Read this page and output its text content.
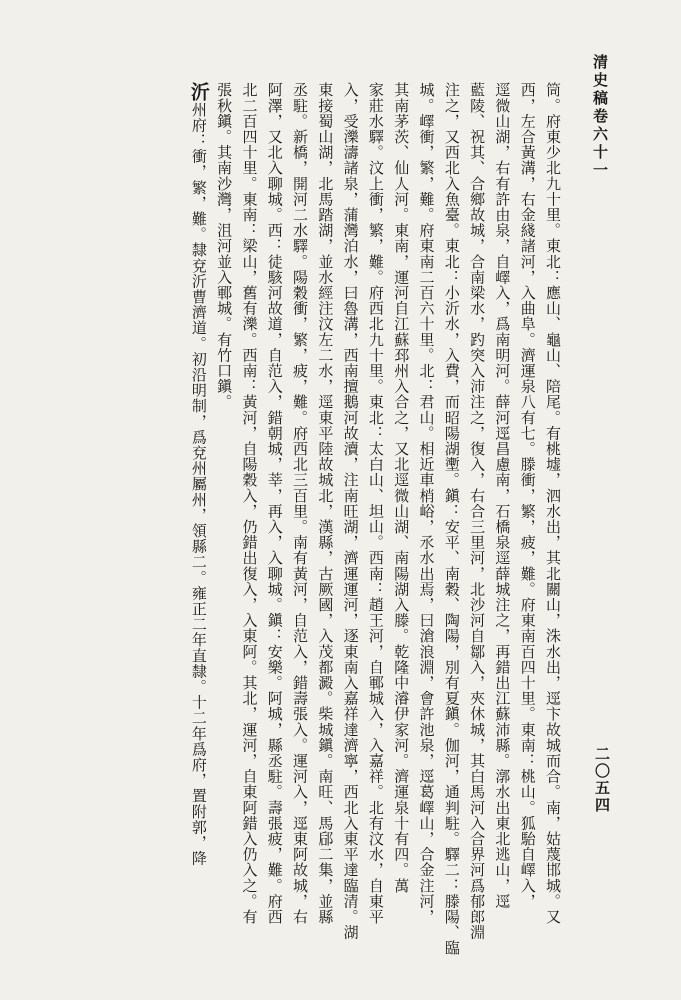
清史稿卷六十一
二〇五四
筒。府東少北九十里。東北：應山、龜山、陪尾。有桃墟，泗水出，其北關山，洙水出，逕卞故城而合。南，姑蔑邯城。又
西，左合黃溝，右金綫諸河，入曲阜。濟運泉八有七。滕衝，繁，疲，難。府東南百四十里。東南：桃山。狐駘自嶧入，
逕微山湖，右有許由泉，自嶧入，爲南明河。薛河逕昌慮南，石橋泉逕薛城注之，再錯出江蘇沛縣。漷水出東北逃山，逕
藍陵、祝其、合鄉故城，合南梁水，趵突入沛注之，復入，右合三里河，北沙河自鄒入，夾休城，其白馬河入合界河爲郁郎淵
注之，又西北入魚臺。東北：小沂水，入費，而昭陽湖壍。鎭：安平、南穀、陶陽，別有夏鎭。伽河，通判駐。驛二：滕陽、臨
城。嶧衝，繁，難。府東南二百六十里。北：君山。相近車梢峪，氶水出焉，曰滄浪淵，會許池泉，逕葛嶧山，合金注河，
其南茅茨、仙人河。東南，運河自江蘇邳州入合之，又北逕微山湖、南陽湖入滕。乾隆中濬伊家河。濟運泉十有四。萬
家莊水驛。汶上衝，繁，難。府西北九十里。東北：太白山、坦山。西南：趙王河，自鄆城入，入嘉祥。北有汶水，自東平
入，受濼濤諸泉，蒲灣泊水，曰魯溝，西南擅鵝河故瀆，注南旺湖，濟運運河，逐東南入嘉祥達濟寧，西北入東平達臨清。湖
東接蜀山湖，北馬踏湖，並水經注汶左二水，逕東平陸故城北，漢縣，古厥國，入茂都澱。柴城鎭。南旺、馬郈二集，並縣
丞駐。新橋，開河二水驛。陽穀衝，繁，疲，難。府西北三百里。南有黃河，自范入，錯壽張入。運河入，逕東阿故城，右
阿澤，又北入聊城。西：徒駭河故道，自范入，錯朝城，莘，再入，入聊城。鎭：安樂。阿城，縣丞駐。壽張疲，難。府西
北二百四十里。東南：梁山，舊有濼。西南：黃河，自陽穀入，仍錯出復入，入東阿。其北，運河，自東阿錯入仍入之。有
張秋鎭。其南沙灣，沮河並入鄆城。有竹口鎭。
沂州府：衝，繁，難。隸兗沂曹濟道。初沿明制，爲兗州屬州，領縣二。雍正二年直隸。十二年爲府，置附郭，降
